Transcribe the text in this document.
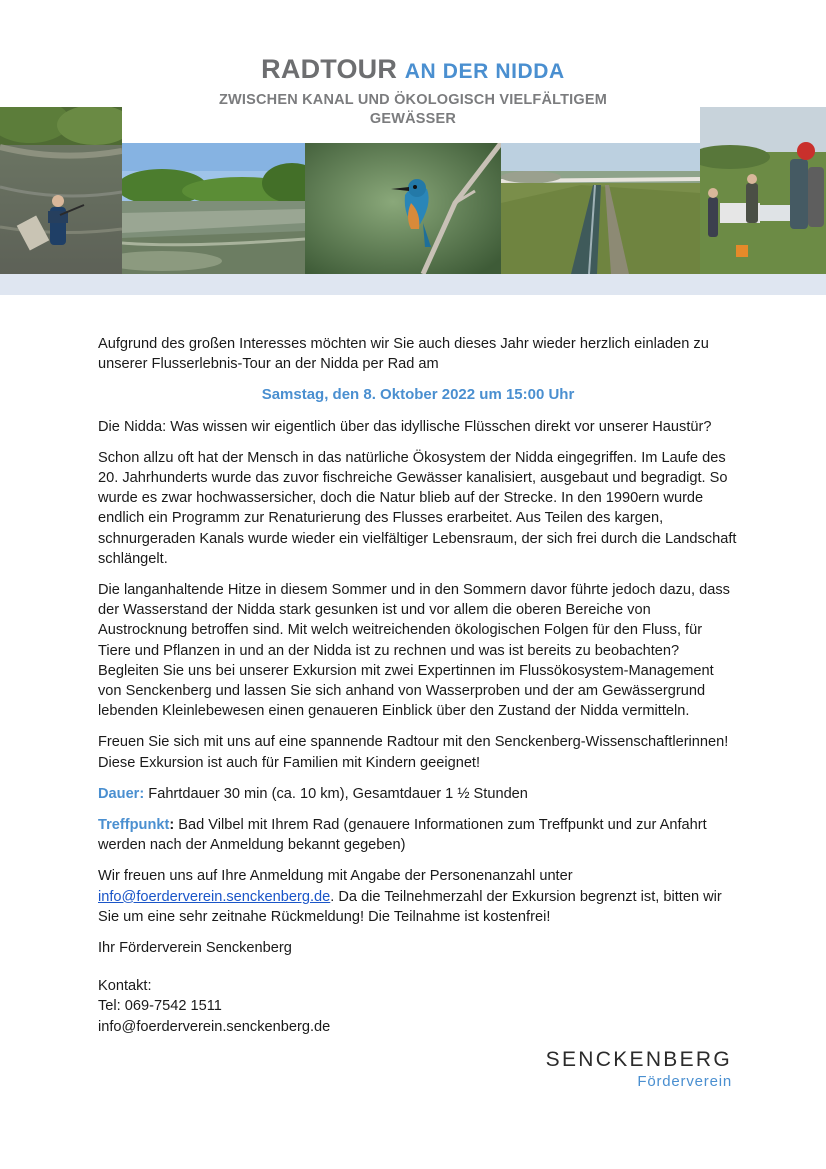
RADTOUR AN DER NIDDA
ZWISCHEN KANAL UND ÖKOLOGISCH VIELFÄLTIGEM
GEWÄSSER

Aufgrund des großen Interesses möchten wir Sie auch dieses Jahr wieder herzlich einladen zu unserer Flusserlebnis-Tour an der Nidda per Rad am

Samstag, den 8. Oktober 2022 um 15:00 Uhr

Die Nidda: Was wissen wir eigentlich über das idyllische Flüsschen direkt vor unserer Haustür?

Schon allzu oft hat der Mensch in das natürliche Ökosystem der Nidda eingegriffen. Im Laufe des 20. Jahrhunderts wurde das zuvor fischreiche Gewässer kanalisiert, ausgebaut und begradigt. So wurde es zwar hochwassersicher, doch die Natur blieb auf der Strecke. In den 1990ern wurde endlich ein Programm zur Renaturierung des Flusses erarbeitet. Aus Teilen des kargen, schnurgeraden Kanals wurde wieder ein vielfältiger Lebensraum, der sich frei durch die Landschaft schlängelt.

Die langanhaltende Hitze in diesem Sommer und in den Sommern davor führte jedoch dazu, dass der Wasserstand der Nidda stark gesunken ist und vor allem die oberen Bereiche von Austrocknung betroffen sind. Mit welch weitreichenden ökologischen Folgen für den Fluss, für Tiere und Pflanzen in und an der Nidda ist zu rechnen und was ist bereits zu beobachten? Begleiten Sie uns bei unserer Exkursion mit zwei Expertinnen im Flussökosystem-Management von Senckenberg und lassen Sie sich anhand von Wasserproben und der am Gewässergrund lebenden Kleinlebewesen einen genaueren Einblick über den Zustand der Nidda vermitteln.

Freuen Sie sich mit uns auf eine spannende Radtour mit den Senckenberg-Wissenschaftlerinnen! Diese Exkursion ist auch für Familien mit Kindern geeignet!

Dauer: Fahrtdauer 30 min (ca. 10 km), Gesamtdauer 1 ½ Stunden

Treffpunkt: Bad Vilbel mit Ihrem Rad (genauere Informationen zum Treffpunkt und zur Anfahrt werden nach der Anmeldung bekannt gegeben)

Wir freuen uns auf Ihre Anmeldung mit Angabe der Personenanzahl unter info@foerderverein.senckenberg.de. Da die Teilnehmerzahl der Exkursion begrenzt ist, bitten wir Sie um eine sehr zeitnahe Rückmeldung! Die Teilnahme ist kostenfrei!

Ihr Förderverein Senckenberg

Kontakt:
Tel: 069-7542 1511
info@foerderverein.senckenberg.de
SENCKENBERG
Förderverein
